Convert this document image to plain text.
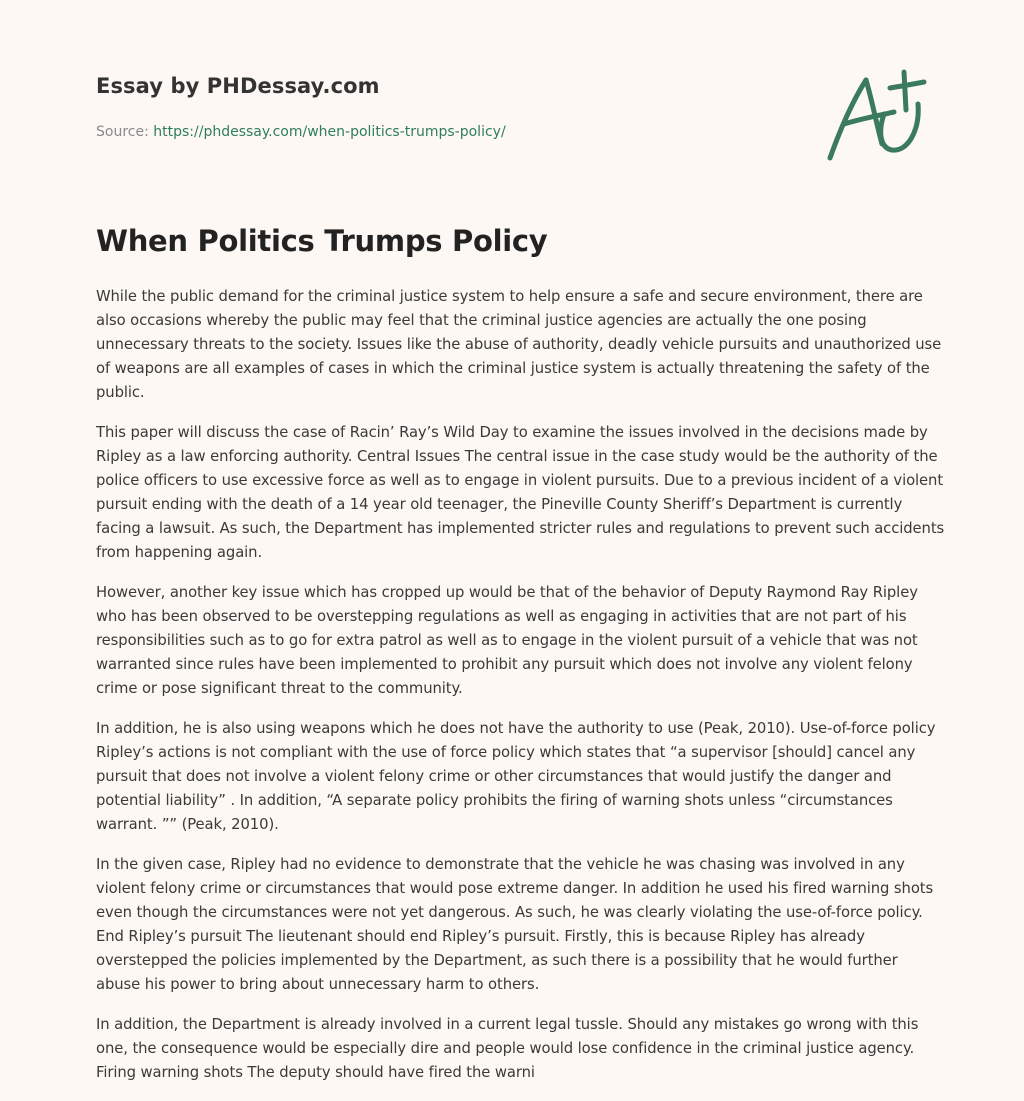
Essay by PHDessay.com
Source: https://phdessay.com/when-politics-trumps-policy/
When Politics Trumps Policy

While the public demand for the criminal justice system to help ensure a safe and secure environment, there are also occasions whereby the public may feel that the criminal justice agencies are actually the one posing unnecessary threats to the society. Issues like the abuse of authority, deadly vehicle pursuits and unauthorized use of weapons are all examples of cases in which the criminal justice system is actually threatening the safety of the public.

This paper will discuss the case of Racin’ Ray’s Wild Day to examine the issues involved in the decisions made by Ripley as a law enforcing authority. Central Issues The central issue in the case study would be the authority of the police officers to use excessive force as well as to engage in violent pursuits. Due to a previous incident of a violent pursuit ending with the death of a 14 year old teenager, the Pineville County Sheriff’s Department is currently facing a lawsuit. As such, the Department has implemented stricter rules and regulations to prevent such accidents from happening again.

However, another key issue which has cropped up would be that of the behavior of Deputy Raymond Ray Ripley who has been observed to be overstepping regulations as well as engaging in activities that are not part of his responsibilities such as to go for extra patrol as well as to engage in the violent pursuit of a vehicle that was not warranted since rules have been implemented to prohibit any pursuit which does not involve any violent felony crime or pose significant threat to the community.

In addition, he is also using weapons which he does not have the authority to use (Peak, 2010). Use-of-force policy Ripley’s actions is not compliant with the use of force policy which states that “a supervisor [should] cancel any pursuit that does not involve a violent felony crime or other circumstances that would justify the danger and potential liability” . In addition, “A separate policy prohibits the firing of warning shots unless “circumstances warrant. ”” (Peak, 2010).

In the given case, Ripley had no evidence to demonstrate that the vehicle he was chasing was involved in any violent felony crime or circumstances that would pose extreme danger. In addition he used his fired warning shots even though the circumstances were not yet dangerous. As such, he was clearly violating the use-of-force policy. End Ripley’s pursuit The lieutenant should end Ripley’s pursuit. Firstly, this is because Ripley has already overstepped the policies implemented by the Department, as such there is a possibility that he would further abuse his power to bring about unnecessary harm to others.

In addition, the Department is already involved in a current legal tussle. Should any mistakes go wrong with this one, the consequence would be especially dire and people would lose confidence in the criminal justice agency. Firing warning shots The deputy should have fired the warni
